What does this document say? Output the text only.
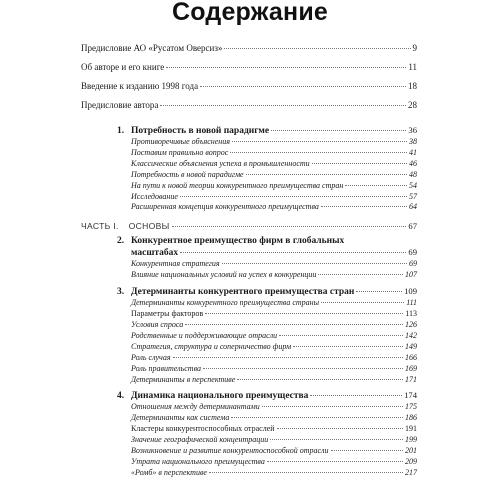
Содержание
Предисловие АО «Русатом Оверсиз»	9
Об авторе и его книге	11
Введение к изданию 1998 года	18
Предисловие автора	28
1. Потребность в новой парадигме	36
Противоречивые объяснения	38
Поставим правильно вопрос	41
Классические объяснения успеха в промышленности	46
Потребность в новой парадигме	48
На пути к новой теории конкурентного преимущества стран	54
Исследование	57
Расширенная концепция конкурентного преимущества	64
ЧАСТЬ I . ОСНОВЫ	67
2. Конкурентное преимущество фирм в глобальных
масштабах	69
Конкурентная стратегия	69
Влияние национальных условий на успех в конкуренции	107
3. Детерминанты конкурентного преимущества стран	109
Детерминанты конкурентного преимущества страны	111
Параметры факторов	113
Условия спроса	126
Родственные и поддерживающие отрасли	142
Стратегия, структура и соперничество фирм	149
Роль случая	166
Роль правительства	169
Детерминанты в перспективе	171
4. Динамика национального преимущества	174
Отношения между детерминантами	175
Детерминанты как система	186
Кластеры конкурентоспособных отраслей	191
Значение географической концентрации	199
Возникновение и развитие конкурентоспособной отрасли	201
Утрата национального преимущества	209
«Ромб» в перспективе	217
